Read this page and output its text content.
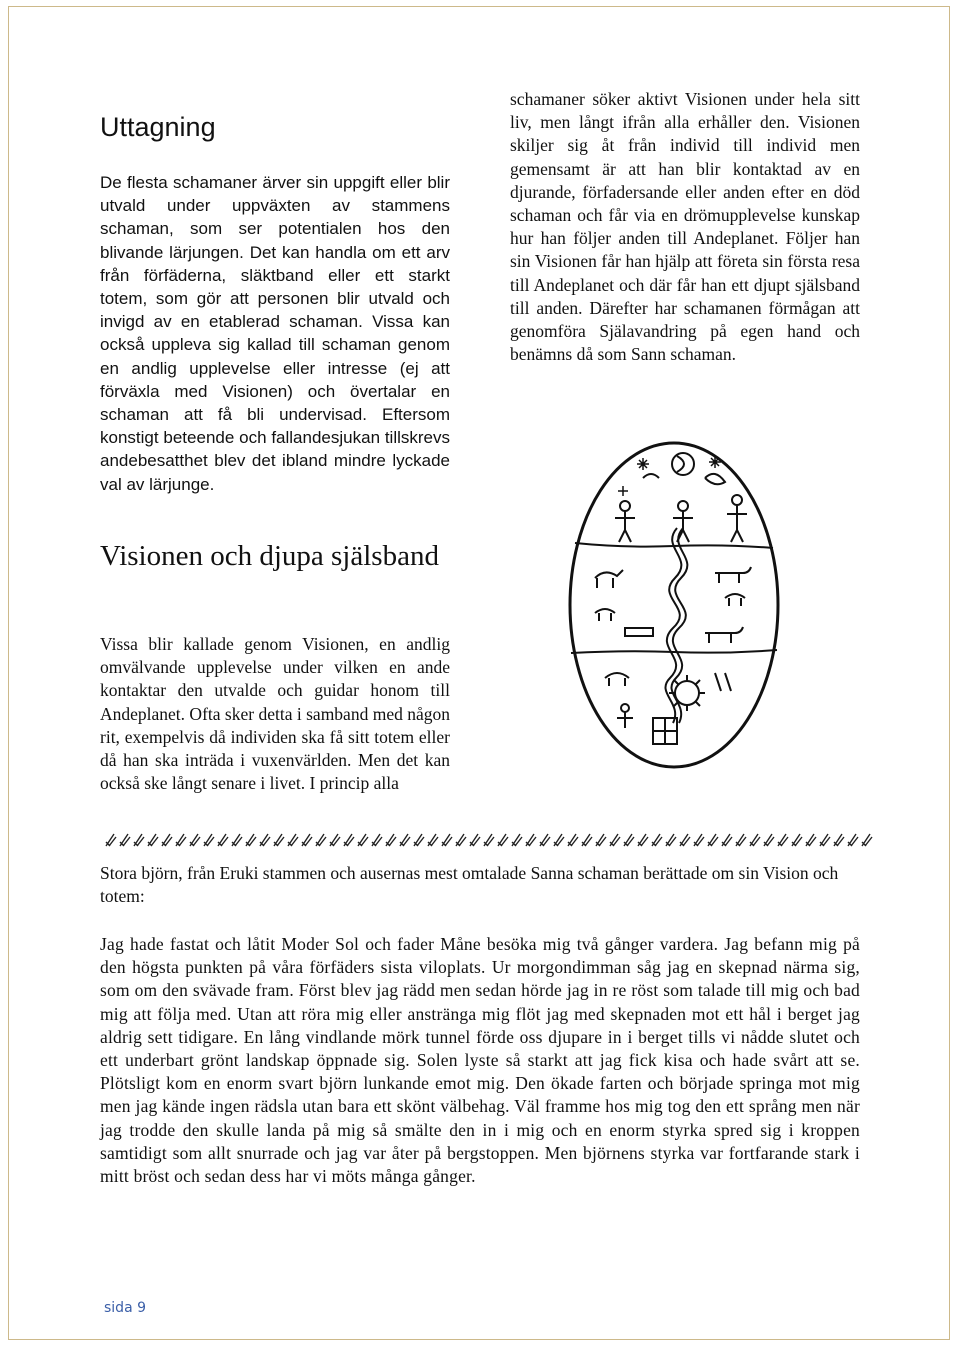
Uttagning

De flesta schamaner ärver sin uppgift eller blir utvald under uppväxten av stammens schaman, som ser potentialen hos den blivande lärjungen. Det kan handla om ett arv från förfäderna, släktband eller ett starkt totem, som gör att personen blir utvald och invigd av en etablerad schaman. Vissa kan också uppleva sig kallad till schaman genom en andlig upplevelse eller intresse (ej att förväxla med Visionen) och övertalar en schaman att få bli undervisad. Eftersom konstigt beteende och fallandesjukan tillskrevs andebesatthet blev det ibland mindre lyckade val av lärjunge.

Visionen och djupa själsband

Vissa blir kallade genom Visionen, en andlig omvälvande upplevelse under vilken en ande kontaktar den utvalde och guidar honom till Andeplanet. Ofta sker detta i samband med någon rit, exempelvis då individen ska få sitt totem eller då han ska inträda i vuxenvärlden. Men det kan också ske långt senare i livet. I princip alla

schamaner söker aktivt Visionen under hela sitt liv, men långt ifrån alla erhåller den. Visionen skiljer sig åt från individ till individ men gemensamt är att han blir kontaktad av en djurande, förfadersande eller anden efter en död schaman och får via en drömupplevelse kunskap hur han följer anden till Andeplanet. Följer han sin Visionen får han hjälp att företa sin första resa till Andeplanet och där får han ett djupt själsband till anden. Därefter har schamanen förmågan att genomföra Själavandring på egen hand och benämns då som Sann schaman.

Stora björn, från Eruki stammen och ausernas mest omtalade Sanna schaman berättade om sin Vision och totem:

Jag hade fastat och låtit Moder Sol och fader Måne besöka mig två gånger vardera. Jag befann mig på den högsta punkten på våra förfäders sista viloplats. Ur morgondimman såg jag en skepnad närma sig, som om den svävade fram. Först blev jag rädd men sedan hörde jag in re röst som talade till mig och bad mig att följa med. Utan att röra mig eller anstränga mig flöt jag med skepnaden mot ett hål i berget jag aldrig sett tidigare. En lång vindlande mörk tunnel förde oss djupare in i berget tills vi nådde slutet och ett underbart grönt landskap öppnade sig. Solen lyste så starkt att jag fick kisa och hade svårt att se. Plötsligt kom en enorm svart björn lunkande emot mig. Den ökade farten och började springa mot mig men jag kände ingen rädsla utan bara ett skönt välbehag. Väl framme hos mig tog den ett språng men när jag trodde den skulle landa på mig så smälte den in i mig och en enorm styrka spred sig i kroppen samtidigt som allt snurrade och jag var åter på bergstoppen. Men björnens styrka var fortfarande stark i mitt bröst och sedan dess har vi möts många gånger.

sida 9
